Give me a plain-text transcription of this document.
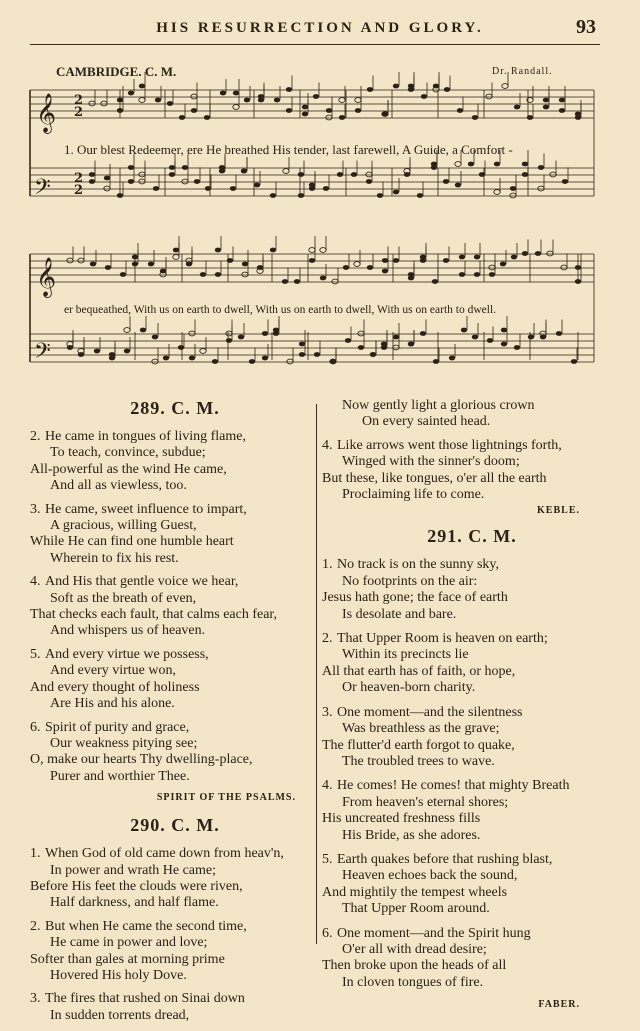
HIS RESURRECTION AND GLORY.	93
CAMBRIDGE. C. M.	Dr. Randall.
𝄞
𝄢
𝄞
𝄢
2
2
2
2
1. Our blest Redeemer, ere He breathed His tender, last farewell, A Guide, a Comfort -
er bequeathed, With us on earth to dwell, With us on earth to dwell, With us on earth to dwell.
289. C. M.
2. He came in tongues of living flame,
To teach, convince, subdue;
All-powerful as the wind He came,
And all as viewless, too.
3. He came, sweet influence to impart,
A gracious, willing Guest,
While He can find one humble heart
Wherein to fix his rest.
4. And His that gentle voice we hear,
Soft as the breath of even,
That checks each fault, that calms each fear,
And whispers us of heaven.
5. And every virtue we possess,
And every virtue won,
And every thought of holiness
Are His and his alone.
6. Spirit of purity and grace,
Our weakness pitying see;
O, make our hearts Thy dwelling-place,
Purer and worthier Thee.
SPIRIT OF THE PSALMS.
290. C. M.
1. When God of old came down from heav'n,
In power and wrath He came;
Before His feet the clouds were riven,
Half darkness, and half flame.
2. But when He came the second time,
He came in power and love;
Softer than gales at morning prime
Hovered His holy Dove.
3. The fires that rushed on Sinai down
In sudden torrents dread,
Now gently light a glorious crown
On every sainted head.
4. Like arrows went those lightnings forth,
Winged with the sinner's doom;
But these, like tongues, o'er all the earth
Proclaiming life to come.
KEBLE.
291. C. M.
1. No track is on the sunny sky,
No footprints on the air:
Jesus hath gone; the face of earth
Is desolate and bare.
2. That Upper Room is heaven on earth;
Within its precincts lie
All that earth has of faith, or hope,
Or heaven-born charity.
3. One moment—and the silentness
Was breathless as the grave;
The flutter'd earth forgot to quake,
The troubled trees to wave.
4. He comes! He comes! that mighty Breath
From heaven's eternal shores;
His uncreated freshness fills
His Bride, as she adores.
5. Earth quakes before that rushing blast,
Heaven echoes back the sound,
And mightily the tempest wheels
That Upper Room around.
6. One moment—and the Spirit hung
O'er all with dread desire;
Then broke upon the heads of all
In cloven tongues of fire.
FABER.
